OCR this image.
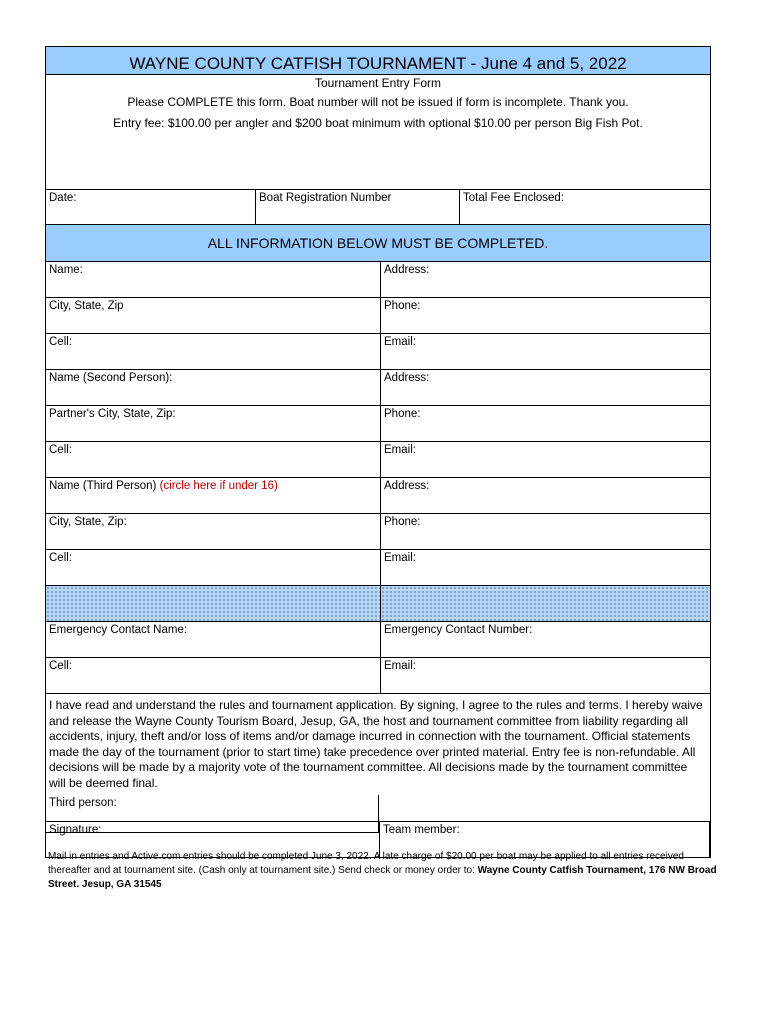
WAYNE COUNTY CATFISH TOURNAMENT - June 4 and 5, 2022
Tournament Entry Form
Please COMPLETE this form. Boat number will not be issued if form is incomplete. Thank you.
Entry fee: $100.00 per angler and $200 boat minimum with optional $10.00 per person Big Fish Pot.
Date:	Boat Registration Number	Total Fee Enclosed:
ALL INFORMATION BELOW MUST BE COMPLETED.
Name:	Address:
City, State, Zip	Phone:
Cell:	Email:
Name (Second Person):	Address:
Partner's City, State, Zip:	Phone:
Cell:	Email:
Name (Third Person) (circle here if under 16)	Address:
City, State, Zip:	Phone:
Cell:	Email:
Emergency Contact Name:	Emergency Contact Number:
Cell:	Email:
I have read and understand the rules and tournament application. By signing, I agree to the rules and terms. I hereby waive and release the Wayne County Tourism Board, Jesup, GA, the host and tournament committee from liability regarding all accidents, injury, theft and/or loss of items and/or damage incurred in connection with the tournament. Official statements made the day of the tournament (prior to start time) take precedence over printed material. Entry fee is non-refundable. All decisions will be made by a majority vote of the tournament committee. All decisions made by the tournament committee will be deemed final.
Signature:	Team member:
Third person:
Mail in entries and Active.com entries should be completed June 3, 2022. A late charge of $20.00 per boat may be applied to all entries received thereafter and at tournament site. (Cash only at tournament site.) Send check or money order to: Wayne County Catfish Tournament, 176 NW Broad Street. Jesup, GA 31545
